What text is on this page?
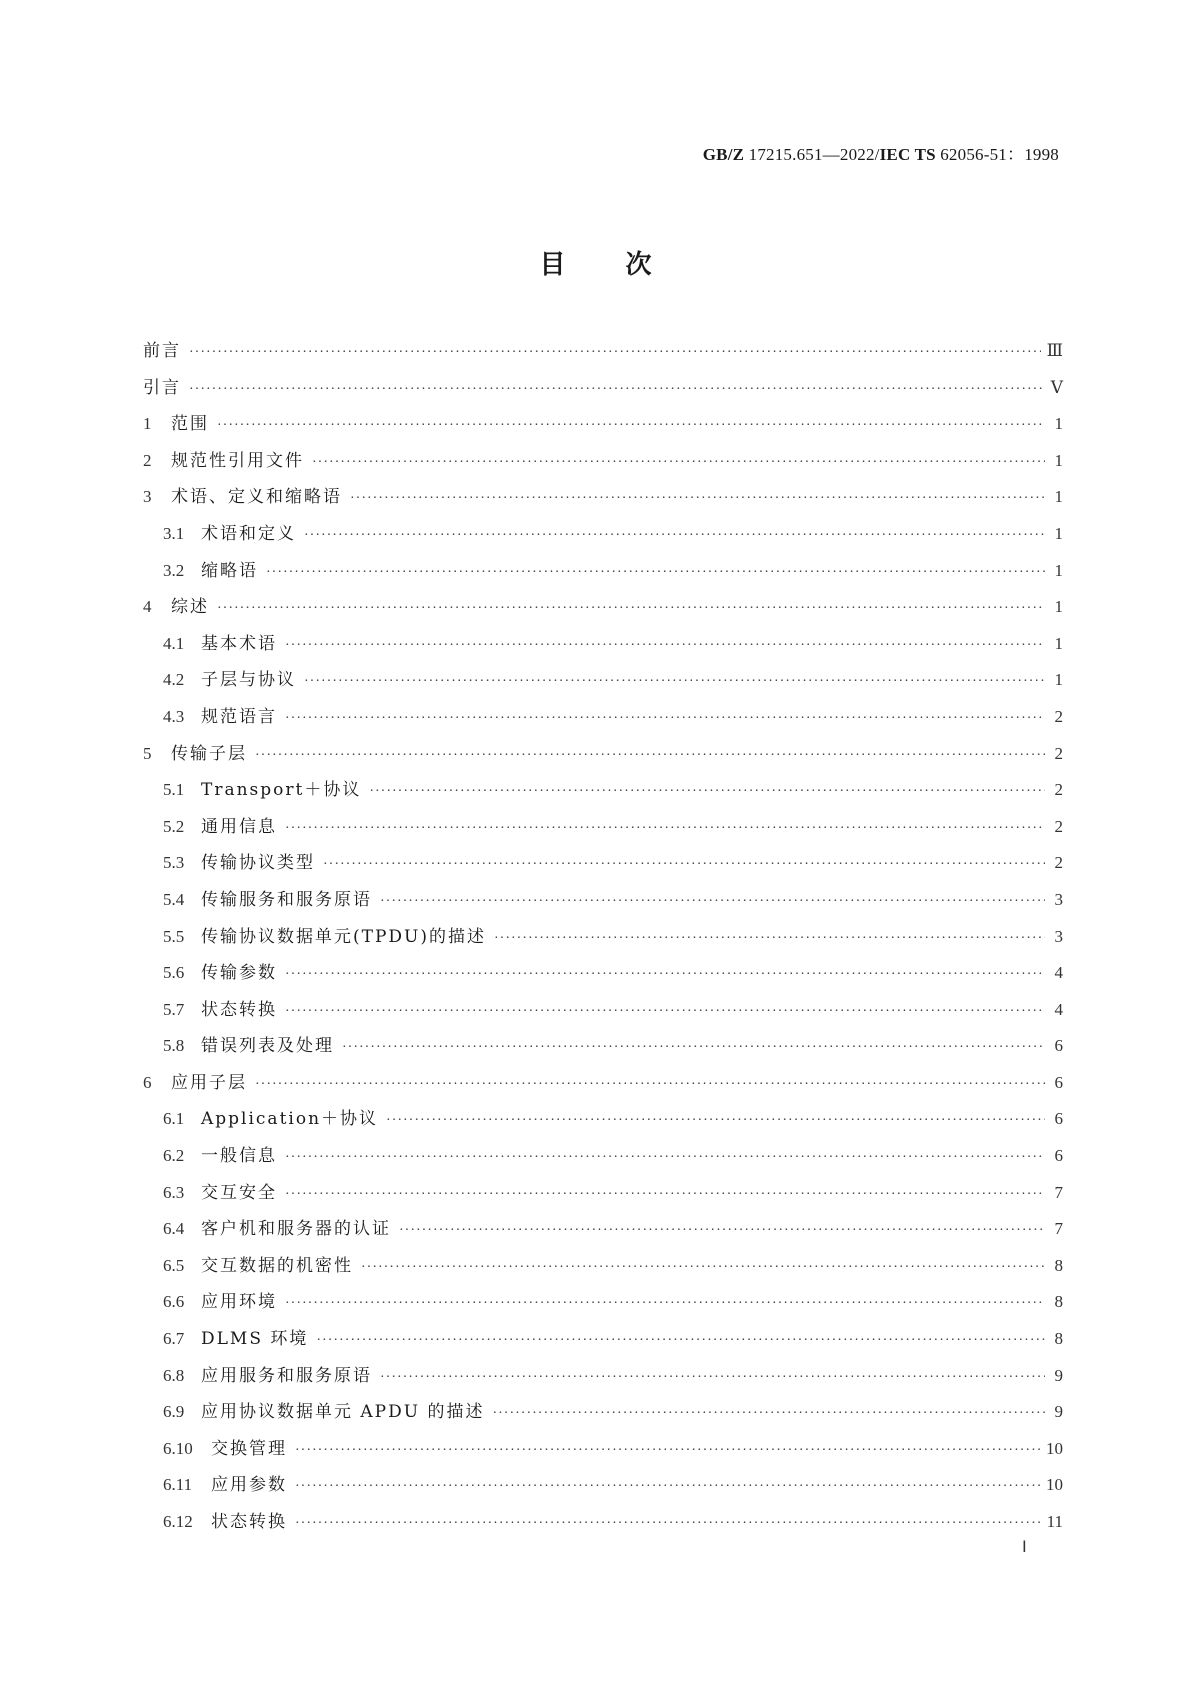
GB/Z 17215.651—2022/IEC TS 62056-51：1998
目次
前言 ·····	Ⅲ
引言 ·····	Ⅴ
1	范围 ·····	1
2	规范性引用文件 ·····	1
3	术语、定义和缩略语 ·····	1
3.1 术语和定义 ·····	1
3.2 缩略语 ·····	1
4	综述 ·····	1
4.1 基本术语 ·····	1
4.2 子层与协议 ·····	1
4.3 规范语言 ·····	2
5	传输子层 ·····	2
5.1 Transport＋协议 ·····	2
5.2 通用信息 ·····	2
5.3 传输协议类型 ·····	2
5.4 传输服务和服务原语 ·····	3
5.5 传输协议数据单元(TPDU)的描述 ·····	3
5.6 传输参数 ·····	4
5.7 状态转换 ·····	4
5.8 错误列表及处理 ·····	6
6	应用子层 ·····	6
6.1 Application＋协议 ·····	6
6.2 一般信息 ·····	6
6.3 交互安全 ·····	7
6.4 客户机和服务器的认证 ·····	7
6.5 交互数据的机密性 ·····	8
6.6 应用环境 ·····	8
6.7 DLMS 环境 ·····	8
6.8 应用服务和服务原语 ·····	9
6.9 应用协议数据单元 APDU 的描述 ·····	9
6.10	交换管理 ·····	10
6.11	应用参数 ·····	10
6.12	状态转换 ·····	11
Ⅰ
